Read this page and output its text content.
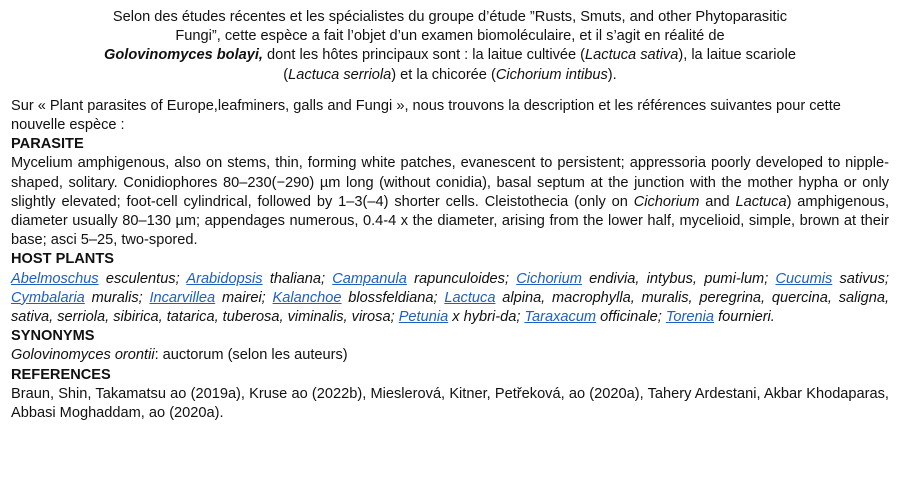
Selon des études récentes et les spécialistes du groupe d’étude ”Rusts, Smuts, and other Phytoparasitic
Fungi”, cette espèce a fait l’objet d’un examen biomoléculaire, et il s’agit en réalité de
Golovinomyces bolayi, dont les hôtes principaux sont : la laitue cultivée (Lactuca sativa), la laitue scariole
(Lactuca serriola) et la chicorée (Cichorium intibus).

Sur « Plant parasites of Europe,leafminers, galls and Fungi », nous trouvons la description et les références suivantes pour cette nouvelle espèce :

PARASITE

Mycelium amphigenous, also on stems, thin, forming white patches, evanescent to persistent; appressoria poorly developed to nipple-shaped, solitary. Conidiophores 80–230(−290) µm long (without conidia), basal septum at the junction with the mother hypha or only slightly elevated; foot-cell cylindrical, followed by 1–3(–4) shorter cells. Cleistothecia (only on Cichorium and Lactuca) amphigenous, diameter usually 80–130 µm; appendages numerous, 0.4-4 x the diameter, arising from the lower half, mycelioid, simple, brown at their base; asci 5–25, two-spored.

HOST PLANTS

Abelmoschus esculentus; Arabidopsis thaliana; Campanula rapunculoides; Cichorium endivia, intybus, pumi-lum; Cucumis sativus; Cymbalaria muralis; Incarvillea mairei; Kalanchoe blossfeldiana; Lactuca alpina, macrophylla, muralis, peregrina, quercina, saligna, sativa, serriola, sibirica, tatarica, tuberosa, viminalis, virosa; Petunia x hybri-da; Taraxacum officinale; Torenia fournieri.

SYNONYMS

Golovinomyces orontii: auctorum (selon les auteurs)

REFERENCES

Braun, Shin, Takamatsu ao (2019a), Kruse ao (2022b), Mieslerová, Kitner, Petřeková, ao (2020a), Tahery Ardestani, Akbar Khodaparas, Abbasi Moghaddam, ao (2020a).
